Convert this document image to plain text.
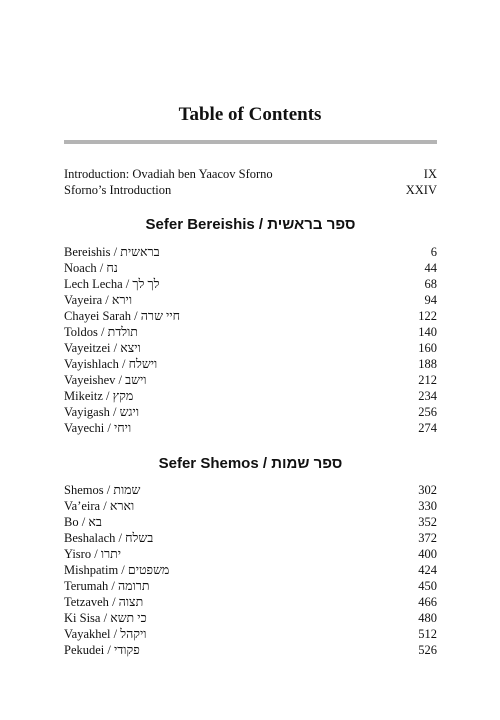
Table of Contents
Introduction: Ovadiah ben Yaacov Sforno	IX
Sforno’s Introduction	XXIV
Sefer Bereishis / ספר בראשית
Bereishis / בראשית	6
Noach / נח	44
Lech Lecha / לך לך	68
Vayeira / וירא	94
Chayei Sarah / חיי שרה	122
Toldos / תולדת	140
Vayeitzei / ויצא	160
Vayishlach / וישלח	188
Vayeishev / וישב	212
Mikeitz / מקץ	234
Vayigash / ויגש	256
Vayechi / ויחי	274
Sefer Shemos / ספר שמות
Shemos / שמות	302
Va’eira / וארא	330
Bo / בא	352
Beshalach / בשלח	372
Yisro / יתרו	400
Mishpatim / משפטים	424
Terumah / תרומה	450
Tetzaveh / תצוה	466
Ki Sisa / כי תשא	480
Vayakhel / ויקהל	512
Pekudei / פקודי	526
